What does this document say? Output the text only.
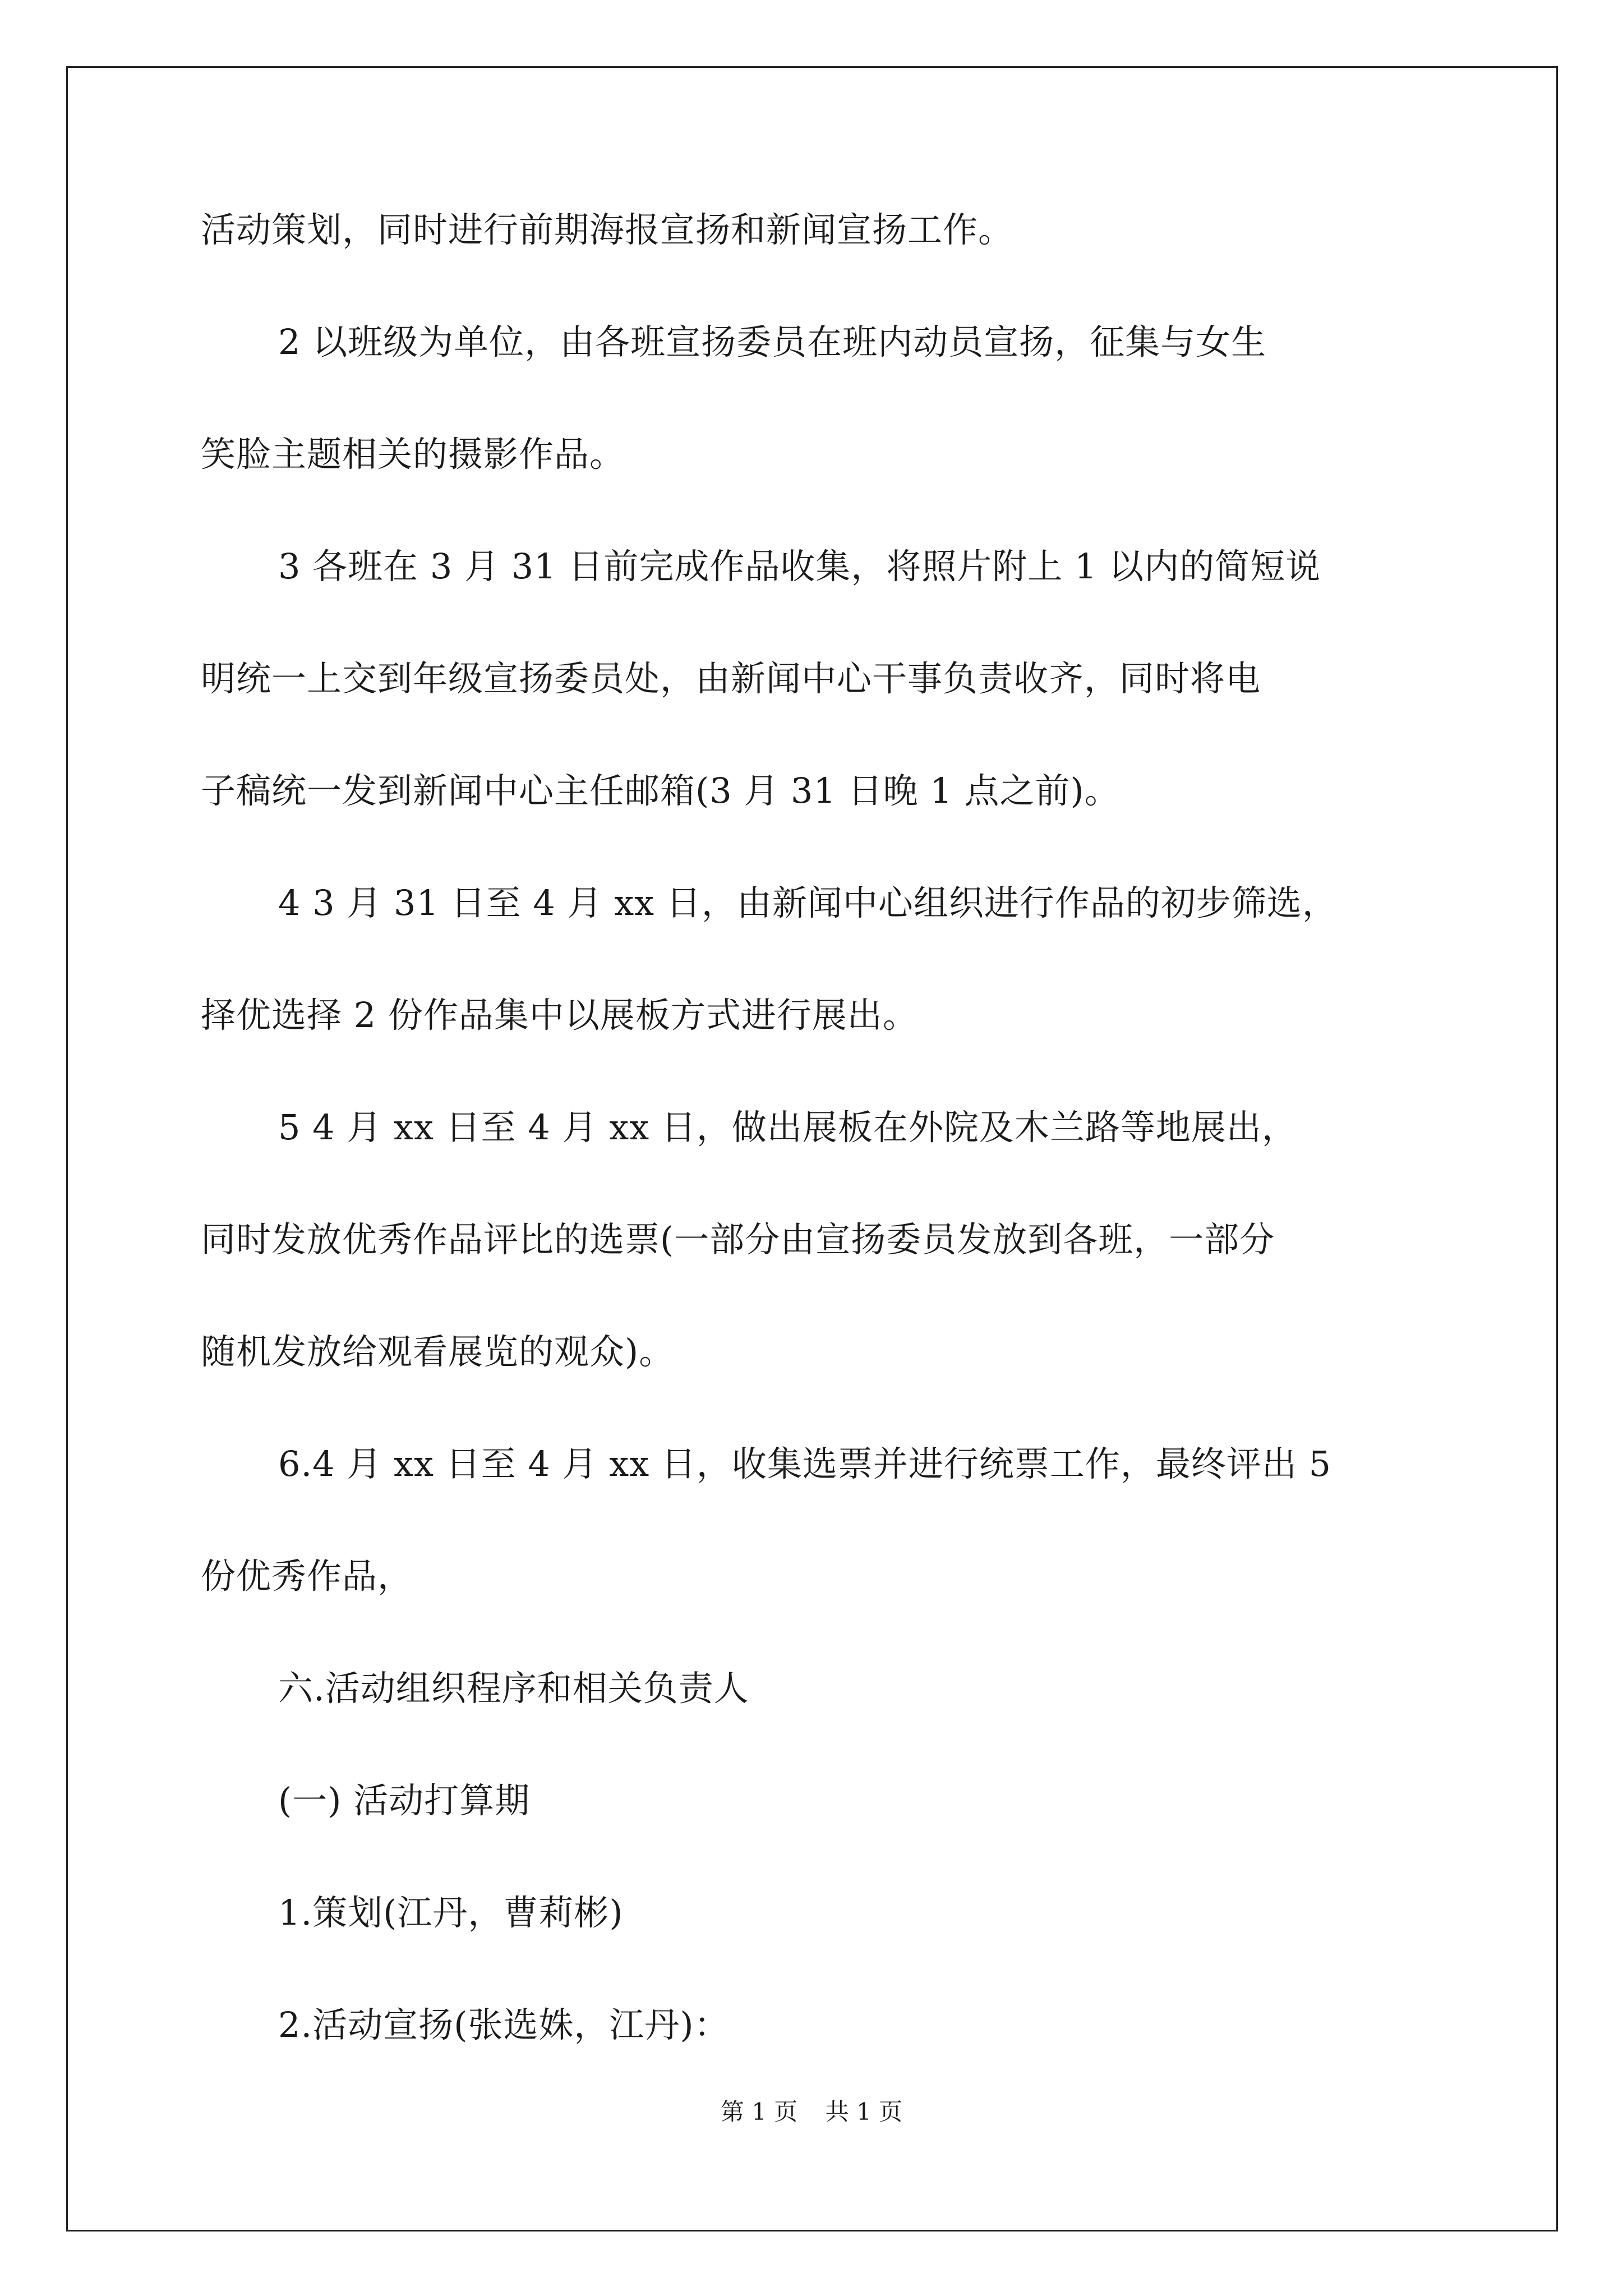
活动策划，同时进行前期海报宣扬和新闻宣扬工作。
2 以班级为单位，由各班宣扬委员在班内动员宣扬，征集与女生
笑脸主题相关的摄影作品。
3 各班在 3 月 31 日前完成作品收集，将照片附上 1 以内的简短说
明统一上交到年级宣扬委员处，由新闻中心干事负责收齐，同时将电
子稿统一发到新闻中心主任邮箱(3 月 31 日晚 1 点之前)。
4 3 月 31 日至 4 月 xx 日，由新闻中心组织进行作品的初步筛选，
择优选择 2 份作品集中以展板方式进行展出。
5 4 月 xx 日至 4 月 xx 日，做出展板在外院及木兰路等地展出，
同时发放优秀作品评比的选票(一部分由宣扬委员发放到各班，一部分
随机发放给观看展览的观众)。
6.4 月 xx 日至 4 月 xx 日，收集选票并进行统票工作，最终评出 5
份优秀作品，
六.活动组织程序和相关负责人
(一) 活动打算期
1.策划(江丹，曹莉彬)
2.活动宣扬(张选姝，江丹)：
第 1 页 共 1 页
